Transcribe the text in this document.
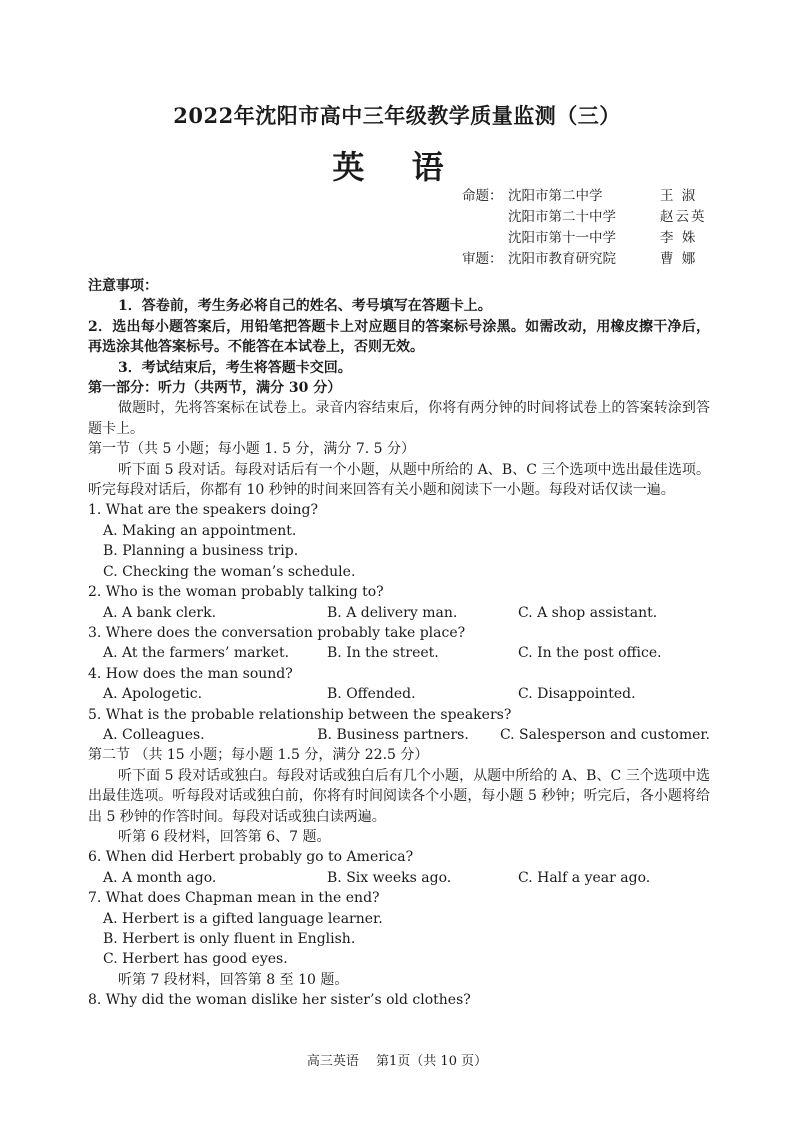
2022年沈阳市高中三年级教学质量监测（三）
英 语
命题： 沈阳市第二中学	王 淑
沈阳市第二十中学	赵云英
沈阳市第十一中学	李 姝
审题： 沈阳市教育研究院	曹 娜
注意事项：
1．答卷前，考生务必将自己的姓名、考号填写在答题卡上。
2．选出每小题答案后，用铅笔把答题卡上对应题目的答案标号涂黑。如需改动，用橡皮擦干净后，再选涂其他答案标号。不能答在本试卷上，否则无效。
3．考试结束后，考生将答题卡交回。
第一部分：听力（共两节，满分 30 分）
做题时，先将答案标在试卷上。录音内容结束后，你将有两分钟的时间将试卷上的答案转涂到答题卡上。
第一节（共 5 小题；每小题 1. 5 分，满分 7. 5 分）
听下面 5 段对话。每段对话后有一个小题，从题中所给的 A、B、C 三个选项中选出最佳选项。听完每段对话后，你都有 10 秒钟的时间来回答有关小题和阅读下一小题。每段对话仅读一遍。
1. What are the speakers doing?
A. Making an appointment.
B. Planning a business trip.
C. Checking the woman’s schedule.
2. Who is the woman probably talking to?
A. A bank clerk.	B. A delivery man.	C. A shop assistant.
3. Where does the conversation probably take place?
A. At the farmers’ market.	B. In the street.	C. In the post office.
4. How does the man sound?
A. Apologetic.	B. Offended.	C. Disappointed.
5. What is the probable relationship between the speakers?
A. Colleagues.	B. Business partners.	C. Salesperson and customer.
第二节 （共 15 小题；每小题 1.5 分，满分 22.5 分）
听下面 5 段对话或独白。每段对话或独白后有几个小题，从题中所给的 A、B、C 三个选项中选出最佳选项。听每段对话或独白前，你将有时间阅读各个小题，每小题 5 秒钟；听完后，各小题将给出 5 秒钟的作答时间。每段对话或独白读两遍。
听第 6 段材料，回答第 6、7 题。
6. When did Herbert probably go to America?
A. A month ago.	B. Six weeks ago.	C. Half a year ago.
7. What does Chapman mean in the end?
A. Herbert is a gifted language learner.
B. Herbert is only fluent in English.
C. Herbert has good eyes.
听第 7 段材料，回答第 8 至 10 题。
8. Why did the woman dislike her sister’s old clothes?
高三英语　 第1页（共 10 页）
